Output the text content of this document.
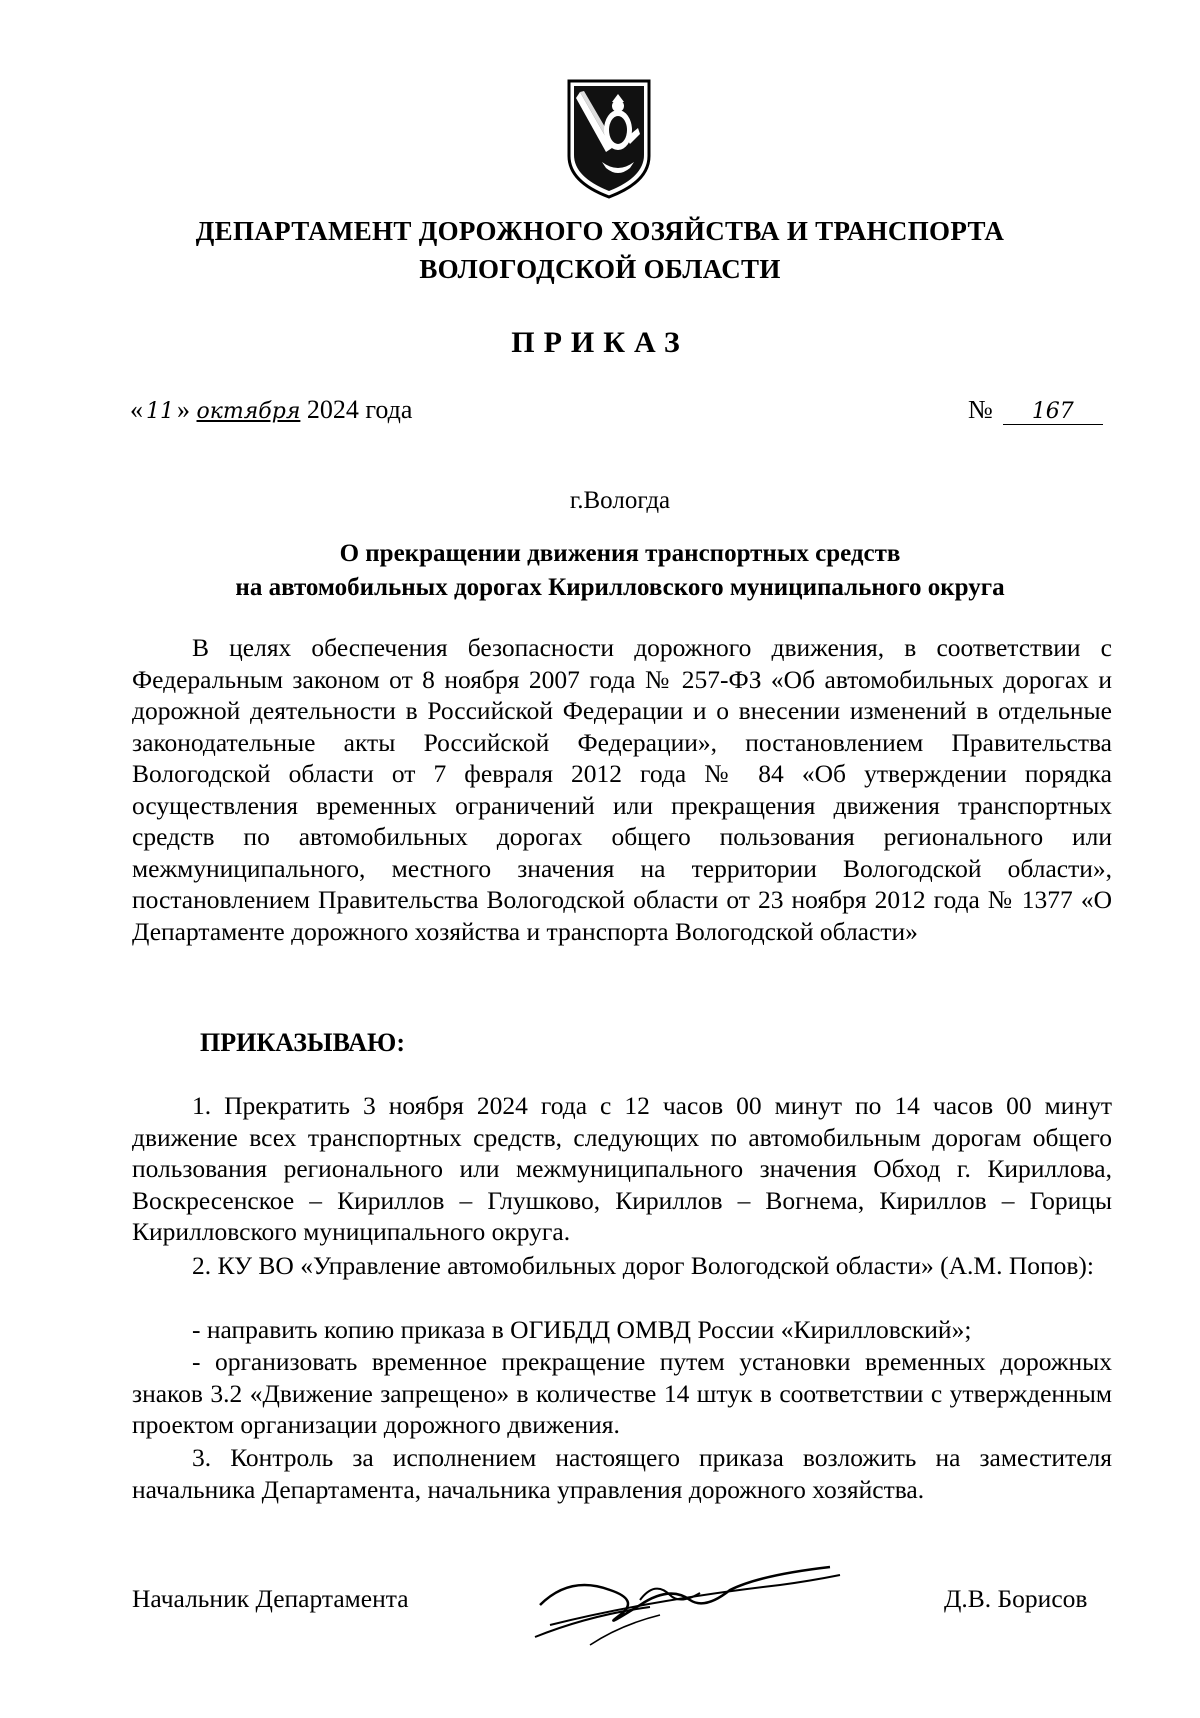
ДЕПАРТАМЕНТ ДОРОЖНОГО ХОЗЯЙСТВА И ТРАНСПОРТА
ВОЛОГОДСКОЙ ОБЛАСТИ
ПРИКАЗ
« 11 » октября 2024 года	№ 167
г.Вологда
О прекращении движения транспортных средств
на автомобильных дорогах Кирилловского муниципального округа

В целях обеспечения безопасности дорожного движения, в соответствии с Федеральным законом от 8 ноября 2007 года № 257-ФЗ «Об автомобильных дорогах и дорожной деятельности в Российской Федерации и о внесении изменений в отдельные законодательные акты Российской Федерации», постановлением Правительства Вологодской области от 7 февраля 2012 года № 84 «Об утверждении порядка осуществления временных ограничений или прекращения движения транспортных средств по автомобильных дорогах общего пользования регионального или межмуниципального, местного значения на территории Вологодской области», постановлением Правительства Вологодской области от 23 ноября 2012 года № 1377 «О Департаменте дорожного хозяйства и транспорта Вологодской области»

ПРИКАЗЫВАЮ:

1. Прекратить 3 ноября 2024 года с 12 часов 00 минут по 14 часов 00 минут движение всех транспортных средств, следующих по автомобильным дорогам общего пользования регионального или межмуниципального значения Обход г. Кириллова, Воскресенское – Кириллов – Глушково, Кириллов – Вогнема, Кириллов – Горицы Кирилловского муниципального округа.

2. КУ ВО «Управление автомобильных дорог Вологодской области» (А.М. Попов):

- направить копию приказа в ОГИБДД ОМВД России «Кирилловский»;

- организовать временное прекращение путем установки временных дорожных знаков 3.2 «Движение запрещено» в количестве 14 штук в соответствии с утвержденным проектом организации дорожного движения.

3. Контроль за исполнением настоящего приказа возложить на заместителя начальника Департамента, начальника управления дорожного хозяйства.

Начальник Департамента	Д.В. Борисов
